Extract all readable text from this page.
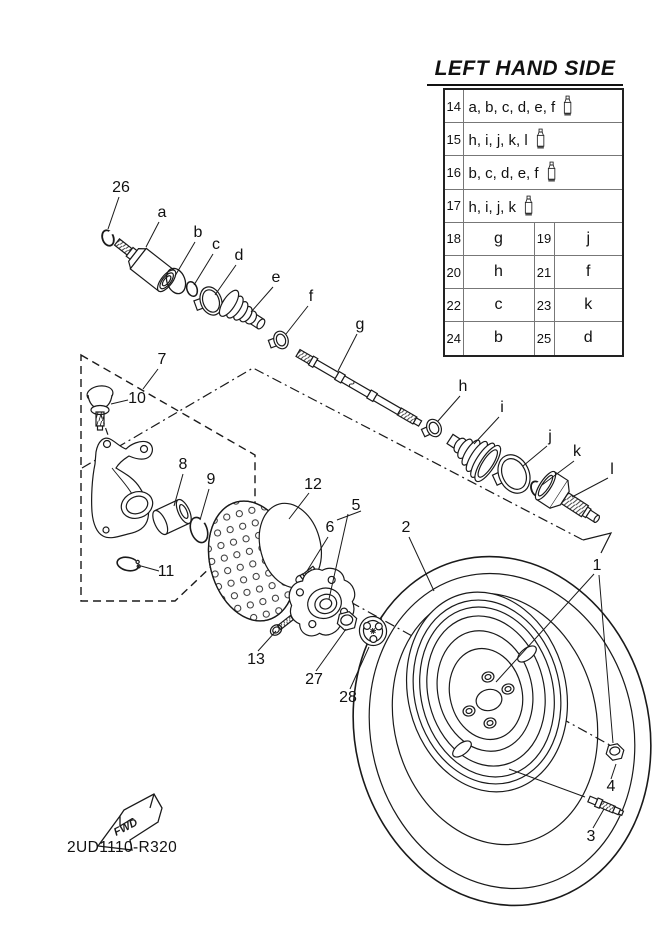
FWD
LEFT HAND SIDE
14	a, b, c, d, e, f		
15	h, i, j, k, l		
16	b, c, d, e, f		
17	h, i, j, k		
18	g	19	j
20	h	21	f
22	c	23	k
24	b	25	d
26
a
b
c
d
e
f
g
h
i
j
k
l
7
10
8
9
11
12
5
6	2
13
27
28
1
4
3
2UD1110-R320
